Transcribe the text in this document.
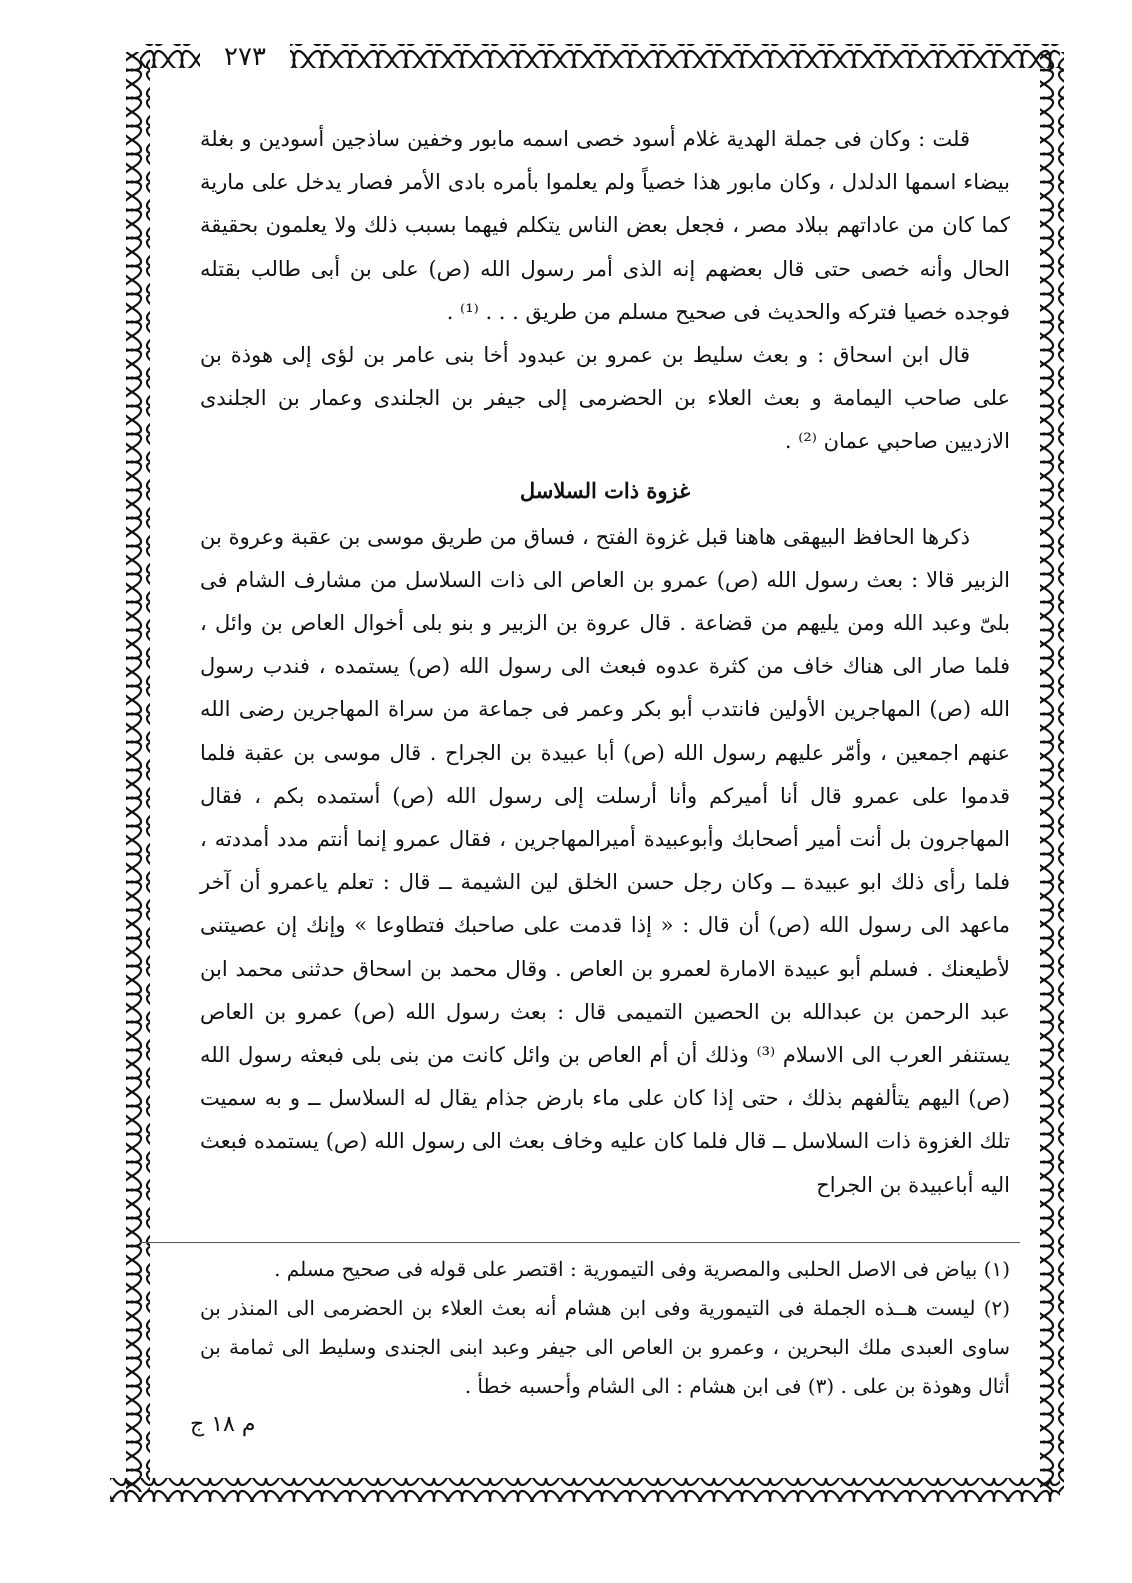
٢٧٣

قلت : وكان فى جملة الهدية غلام أسود خصى اسمه مابور وخفين ساذجين أسودين و بغلة بيضاء اسمها الدلدل ، وكان مابور هذا خصياً ولم يعلموا بأمره بادى الأمر فصار يدخل على مارية كما كان من عاداتهم ببلاد مصر ، فجعل بعض الناس يتكلم فيهما بسبب ذلك ولا يعلمون بحقيقة الحال وأنه خصى حتى قال بعضهم إنه الذى أمر رسول الله (ص) على بن أبى طالب بقتله فوجده خصيا فتركه والحديث فى صحيح مسلم من طريق . . . ⁽¹⁾ .

قال ابن اسحاق : و بعث سليط بن عمرو بن عبدود أخا بنى عامر بن لؤى إلى هوذة بن على صاحب اليمامة و بعث العلاء بن الحضرمى إلى جيفر بن الجلندى وعمار بن الجلندى الازديين صاحبي عمان ⁽²⁾ .

غزوة ذات السلاسل

ذكرها الحافظ البيهقى هاهنا قبل غزوة الفتح ، فساق من طريق موسى بن عقبة وعروة بن الزبير قالا : بعث رسول الله (ص) عمرو بن العاص الى ذات السلاسل من مشارف الشام فى بلىّ وعبد الله ومن يليهم من قضاعة . قال عروة بن الزبير و بنو بلى أخوال العاص بن وائل ، فلما صار الى هناك خاف من كثرة عدوه فبعث الى رسول الله (ص) يستمده ، فندب رسول الله (ص) المهاجرين الأولين فانتدب أبو بكر وعمر فى جماعة من سراة المهاجرين رضى الله عنهم اجمعين ، وأمّر عليهم رسول الله (ص) أبا عبيدة بن الجراح . قال موسى بن عقبة فلما قدموا على عمرو قال أنا أميركم وأنا أرسلت إلى رسول الله (ص) أستمده بكم ، فقال المهاجرون بل أنت أمير أصحابك وأبوعبيدة أميرالمهاجرين ، فقال عمرو إنما أنتم مدد أمددته ، فلما رأى ذلك ابو عبيدة ــ وكان رجل حسن الخلق لين الشيمة ــ قال : تعلم ياعمرو أن آخر ماعهد الى رسول الله (ص) أن قال : « إذا قدمت على صاحبك فتطاوعا » وإنك إن عصيتنى لأطيعنك . فسلم أبو عبيدة الامارة لعمرو بن العاص . وقال محمد بن اسحاق حدثنى محمد ابن عبد الرحمن بن عبدالله بن الحصين التميمى قال : بعث رسول الله (ص) عمرو بن العاص يستنفر العرب الى الاسلام ⁽³⁾ وذلك أن أم العاص بن وائل كانت من بنى بلى فبعثه رسول الله (ص) اليهم يتألفهم بذلك ، حتى إذا كان على ماء بارض جذام يقال له السلاسل ــ و به سميت تلك الغزوة ذات السلاسل ــ قال فلما كان عليه وخاف بعث الى رسول الله (ص) يستمده فبعث اليه أباعبيدة بن الجراح

(١) بياض فى الاصل الحلبى والمصرية وفى التيمورية : اقتصر على قوله فى صحيح مسلم .

(٢) ليست هــذه الجملة فى التيمورية وفى ابن هشام أنه بعث العلاء بن الحضرمى الى المنذر بن ساوى العبدى ملك البحرين ، وعمرو بن العاص الى جيفر وعبد ابنى الجندى وسليط الى ثمامة بن أثال وهوذة بن على . (٣) فى ابن هشام : الى الشام وأحسبه خطأ .

م ١٨ ج
